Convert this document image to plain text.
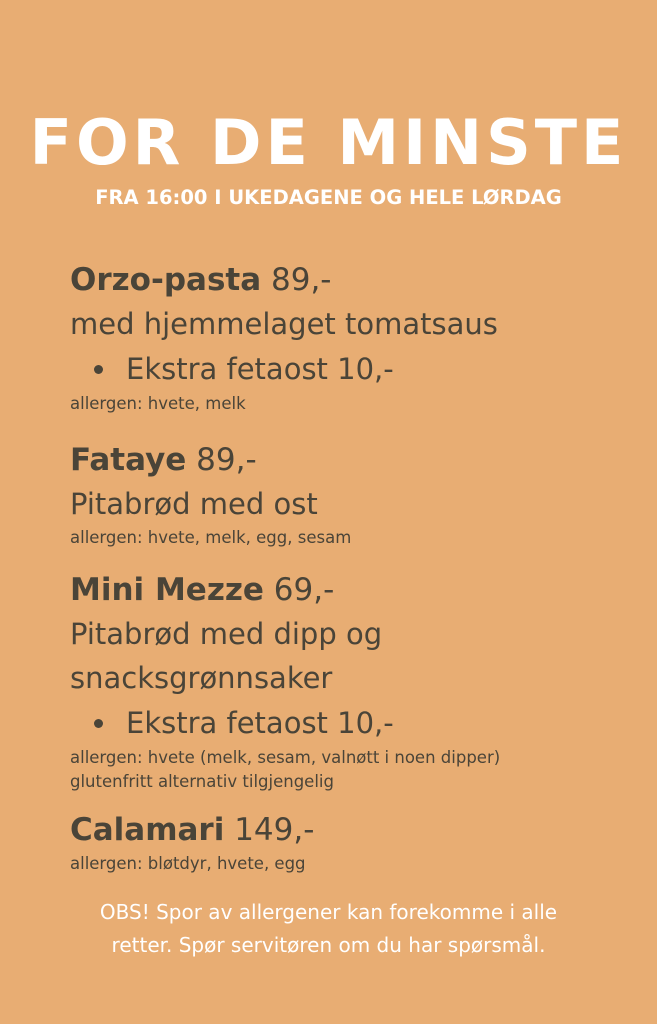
FOR DE MINSTE
FRA 16:00 I UKEDAGENE OG HELE LØRDAG
Orzo-pasta 89,-
med hjemmelaget tomatsaus
Ekstra fetaost 10,-
allergen: hvete, melk
Fataye 89,-
Pitabrød med ost
allergen: hvete, melk, egg, sesam
Mini Mezze 69,-
Pitabrød med dipp og
snacksgrønnsaker
Ekstra fetaost 10,-
allergen: hvete (melk, sesam, valnøtt i noen dipper)
glutenfritt alternativ tilgjengelig
Calamari 149,-
allergen: bløtdyr, hvete, egg
OBS! Spor av allergener kan forekomme i alle
retter. Spør servitøren om du har spørsmål.
